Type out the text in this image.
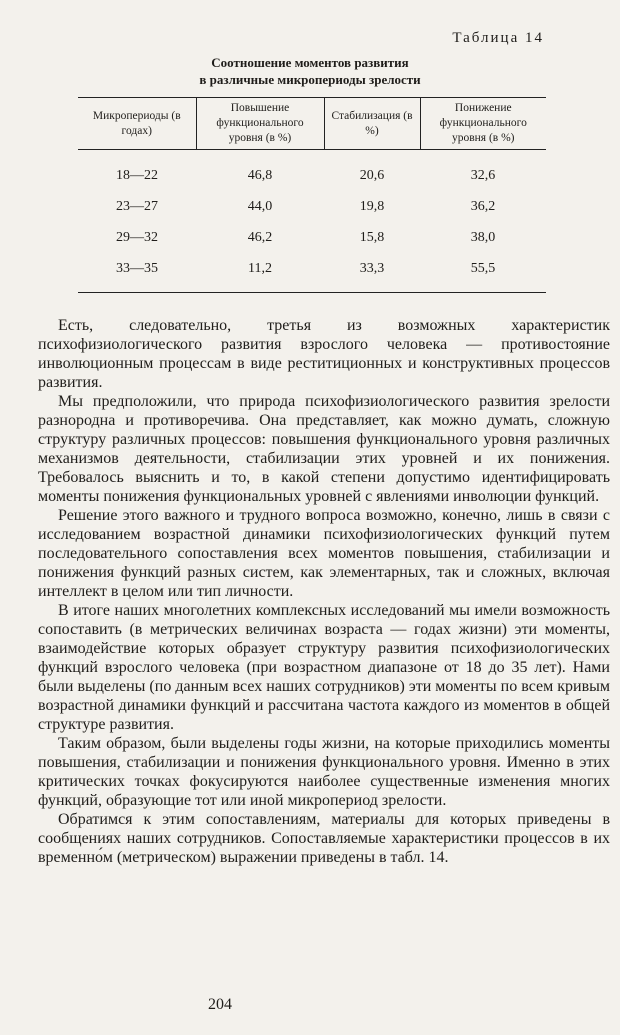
Таблица 14
Соотношение моментов развития
в различные микропериоды зрелости
Микропериоды (в годах)	Повышение функционального уровня (в %)	Стабилизация (в %)	Понижение функционального уровня (в %)
18—22	46,8	20,6	32,6
23—27	44,0	19,8	36,2
29—32	46,2	15,8	38,0
33—35	11,2	33,3	55,5

Есть, следовательно, третья из возможных характеристик психофизиологического развития взрослого человека — противостояние инволюционным процессам в виде реститиционных и конструктивных процессов развития.

Мы предположили, что природа психофизиологического развития зрелости разнородна и противоречива. Она представляет, как можно думать, сложную структуру различных процессов: повышения функционального уровня различных механизмов деятельности, стабилизации этих уровней и их понижения. Требовалось выяснить и то, в какой степени допустимо идентифицировать моменты понижения функциональных уровней с явлениями инволюции функций.

Решение этого важного и трудного вопроса возможно, конечно, лишь в связи с исследованием возрастной динамики психофизиологических функций путем последовательного сопоставления всех моментов повышения, стабилизации и понижения функций разных систем, как элементарных, так и сложных, включая интеллект в целом или тип личности.

В итоге наших многолетних комплексных исследований мы имели возможность сопоставить (в метрических величинах возраста — годах жизни) эти моменты, взаимодействие которых образует структуру развития психофизиологических функций взрослого человека (при возрастном диапазоне от 18 до 35 лет). Нами были выделены (по данным всех наших сотрудников) эти моменты по всем кривым возрастной динамики функций и рассчитана частота каждого из моментов в общей структуре развития.

Таким образом, были выделены годы жизни, на которые приходились моменты повышения, стабилизации и понижения функционального уровня. Именно в этих критических точках фокусируются наиболее существенные изменения многих функций, образующие тот или иной микропериод зрелости.

Обратимся к этим сопоставлениям, материалы для которых приведены в сообщениях наших сотрудников. Сопоставляемые характеристики процессов в их временно́м (метрическом) выражении приведены в табл. 14.

204
